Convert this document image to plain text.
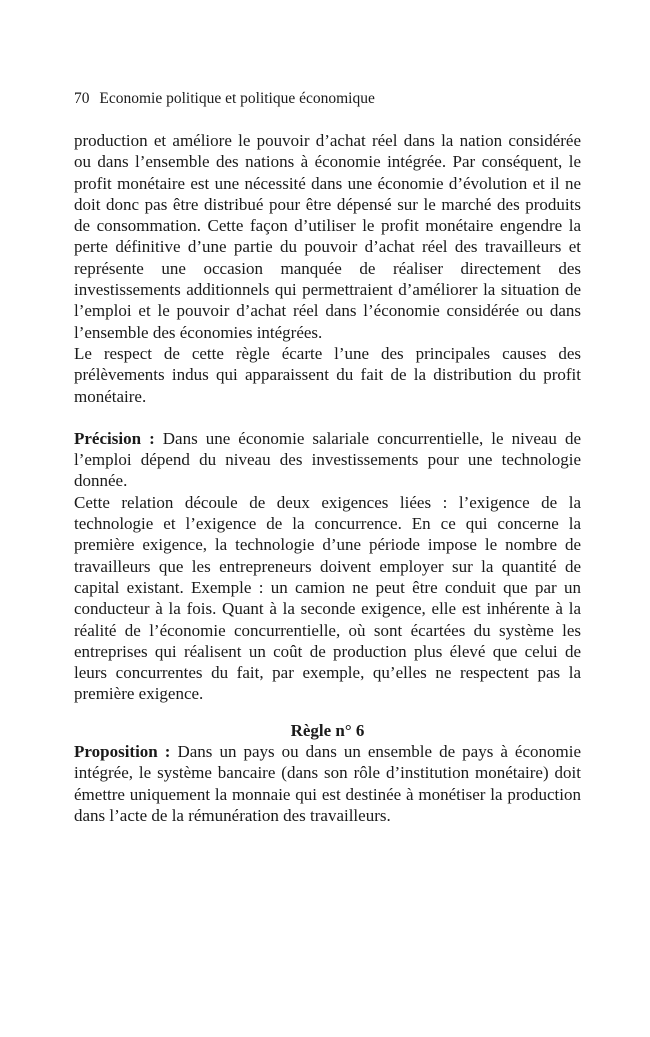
70 Economie politique et politique économique

production et améliore le pouvoir d’achat réel dans la nation considérée ou dans l’ensemble des nations à économie intégrée. Par conséquent, le profit monétaire est une nécessité dans une économie d’évolution et il ne doit donc pas être distribué pour être dépensé sur le marché des produits de consommation. Cette façon d’utiliser le profit monétaire engendre la perte définitive d’une partie du pouvoir d’achat réel des travailleurs et représente une occasion manquée de réaliser directement des investissements additionnels qui permettraient d’améliorer la situation de l’emploi et le pouvoir d’achat réel dans l’économie considérée ou dans l’ensemble des économies intégrées.

Le respect de cette règle écarte l’une des principales causes des prélèvements indus qui apparaissent du fait de la distribution du profit monétaire.

Précision : Dans une économie salariale concurrentielle, le niveau de l’emploi dépend du niveau des investissements pour une technologie donnée.

Cette relation découle de deux exigences liées : l’exigence de la technologie et l’exigence de la concurrence. En ce qui concerne la première exigence, la technologie d’une période impose le nombre de travailleurs que les entrepreneurs doivent employer sur la quantité de capital existant. Exemple : un camion ne peut être conduit que par un conducteur à la fois. Quant à la seconde exigence, elle est inhérente à la réalité de l’économie concurrentielle, où sont écartées du système les entreprises qui réalisent un coût de production plus élevé que celui de leurs concurrentes du fait, par exemple, qu’elles ne respectent pas la première exigence.

Règle n° 6

Proposition : Dans un pays ou dans un ensemble de pays à économie intégrée, le système bancaire (dans son rôle d’institution monétaire) doit émettre uniquement la monnaie qui est destinée à monétiser la production dans l’acte de la rémunération des travailleurs.
